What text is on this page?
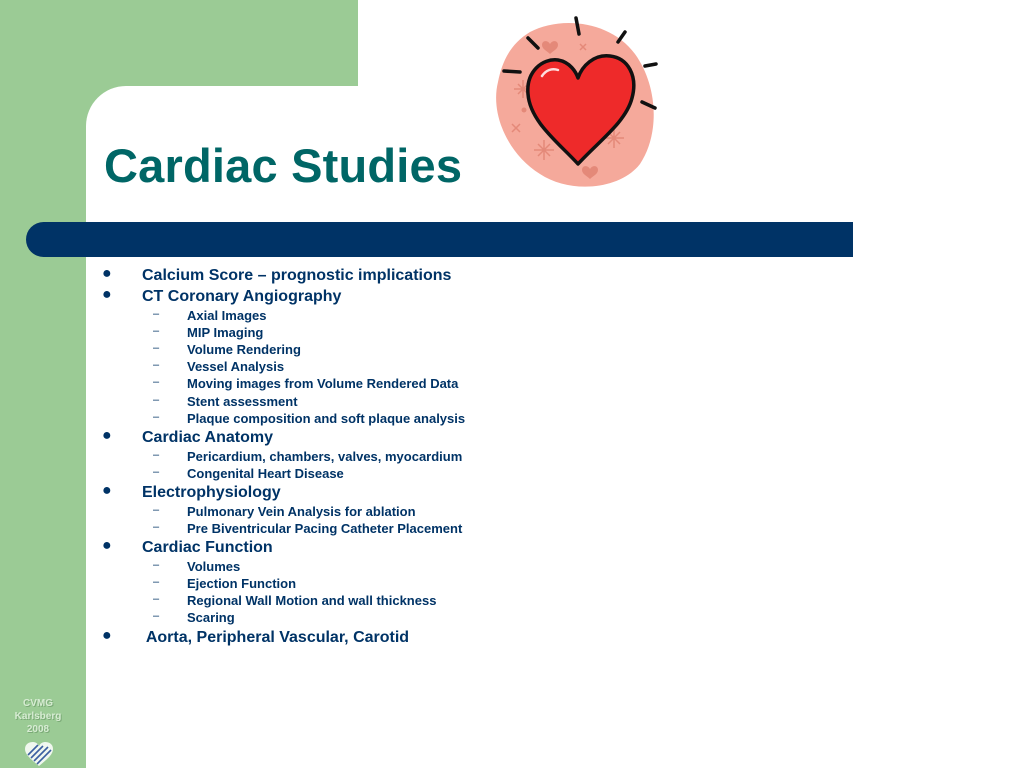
Cardiac Studies
● Calcium Score – prognostic implications
● CT Coronary Angiography
– Axial Images
– MIP Imaging
– Volume Rendering
– Vessel Analysis
– Moving images from Volume Rendered Data
– Stent assessment
– Plaque composition and soft plaque analysis
● Cardiac Anatomy
– Pericardium, chambers, valves, myocardium
– Congenital Heart Disease
● Electrophysiology
– Pulmonary Vein Analysis for ablation
– Pre Biventricular Pacing Catheter Placement
● Cardiac Function
– Volumes
– Ejection Function
– Regional Wall Motion and wall thickness
– Scaring
● Aorta, Peripheral Vascular, Carotid
CVMG
Karlsberg
2008
